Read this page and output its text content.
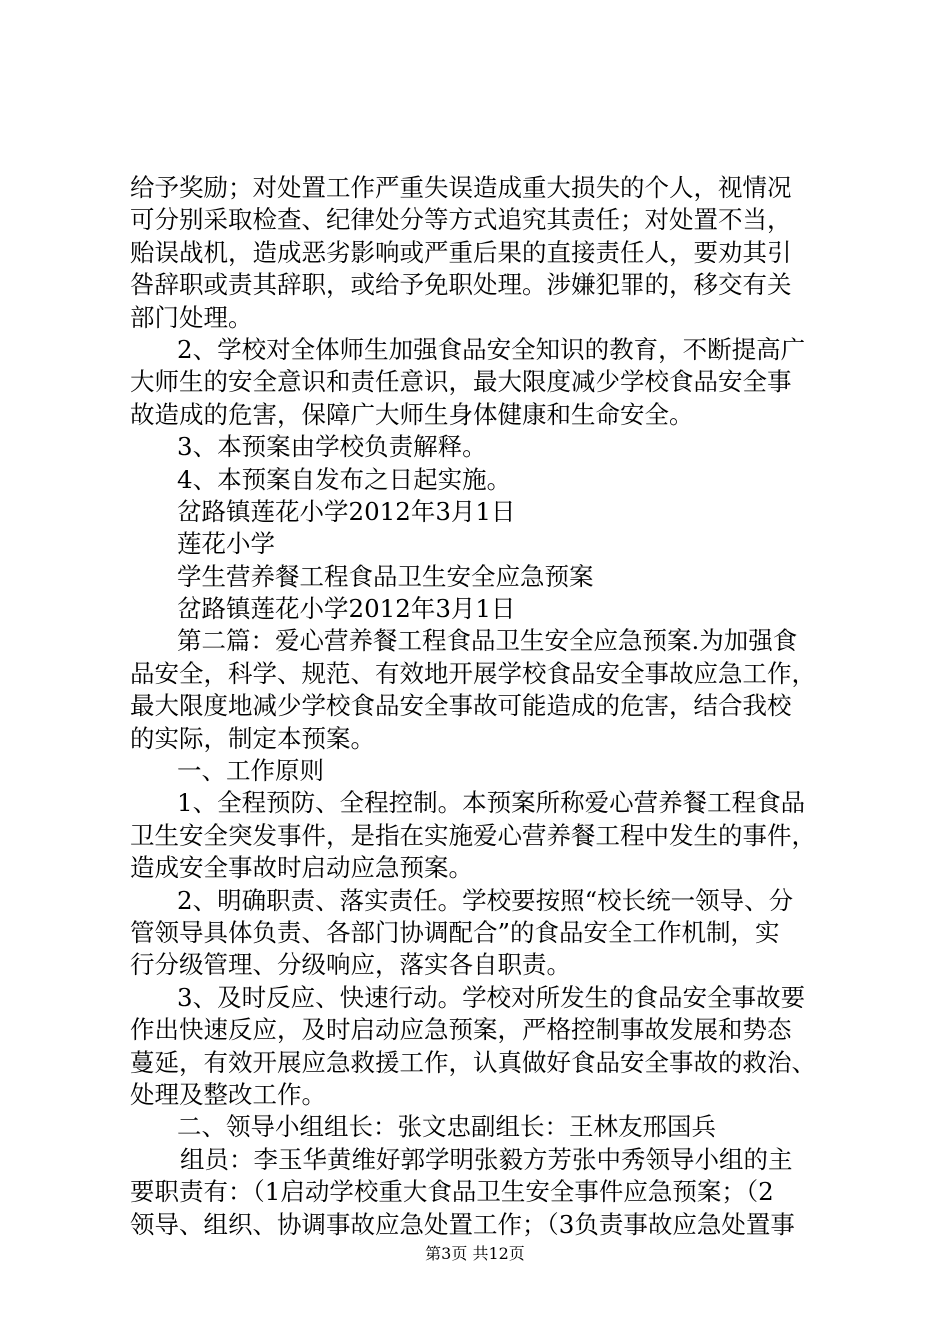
给予奖励；对处置工作严重失误造成重大损失的个人，视情况
可分别采取检查、纪律处分等方式追究其责任；对处置不当，
贻误战机，造成恶劣影响或严重后果的直接责任人，要劝其引
咎辞职或责其辞职，或给予免职处理。涉嫌犯罪的，移交有关
部门处理。
2、学校对全体师生加强食品安全知识的教育，不断提高广
大师生的安全意识和责任意识，最大限度减少学校食品安全事
故造成的危害，保障广大师生身体健康和生命安全。
3、本预案由学校负责解释。
4、本预案自发布之日起实施。
岔路镇莲花小学2012年3月1日
莲花小学
学生营养餐工程食品卫生安全应急预案
岔路镇莲花小学2012年3月1日
第二篇：爱心营养餐工程食品卫生安全应急预案.为加强食
品安全，科学、规范、有效地开展学校食品安全事故应急工作，
最大限度地减少学校食品安全事故可能造成的危害，结合我校
的实际，制定本预案。
一、工作原则
1、全程预防、全程控制。本预案所称爱心营养餐工程食品
卫生安全突发事件，是指在实施爱心营养餐工程中发生的事件，
造成安全事故时启动应急预案。
2、明确职责、落实责任。学校要按照“校长统一领导、分
管领导具体负责、各部门协调配合”的食品安全工作机制，实
行分级管理、分级响应，落实各自职责。
3、及时反应、快速行动。学校对所发生的食品安全事故要
作出快速反应，及时启动应急预案，严格控制事故发展和势态
蔓延，有效开展应急救援工作，认真做好食品安全事故的救治、
处理及整改工作。
二、领导小组组长：张文忠副组长：王林友邢国兵
组员：李玉华黄维好郭学明张毅方芳张中秀领导小组的主
要职责有：（1启动学校重大食品卫生安全事件应急预案；（2
领导、组织、协调事故应急处置工作；（3负责事故应急处置事
第3页 共12页
